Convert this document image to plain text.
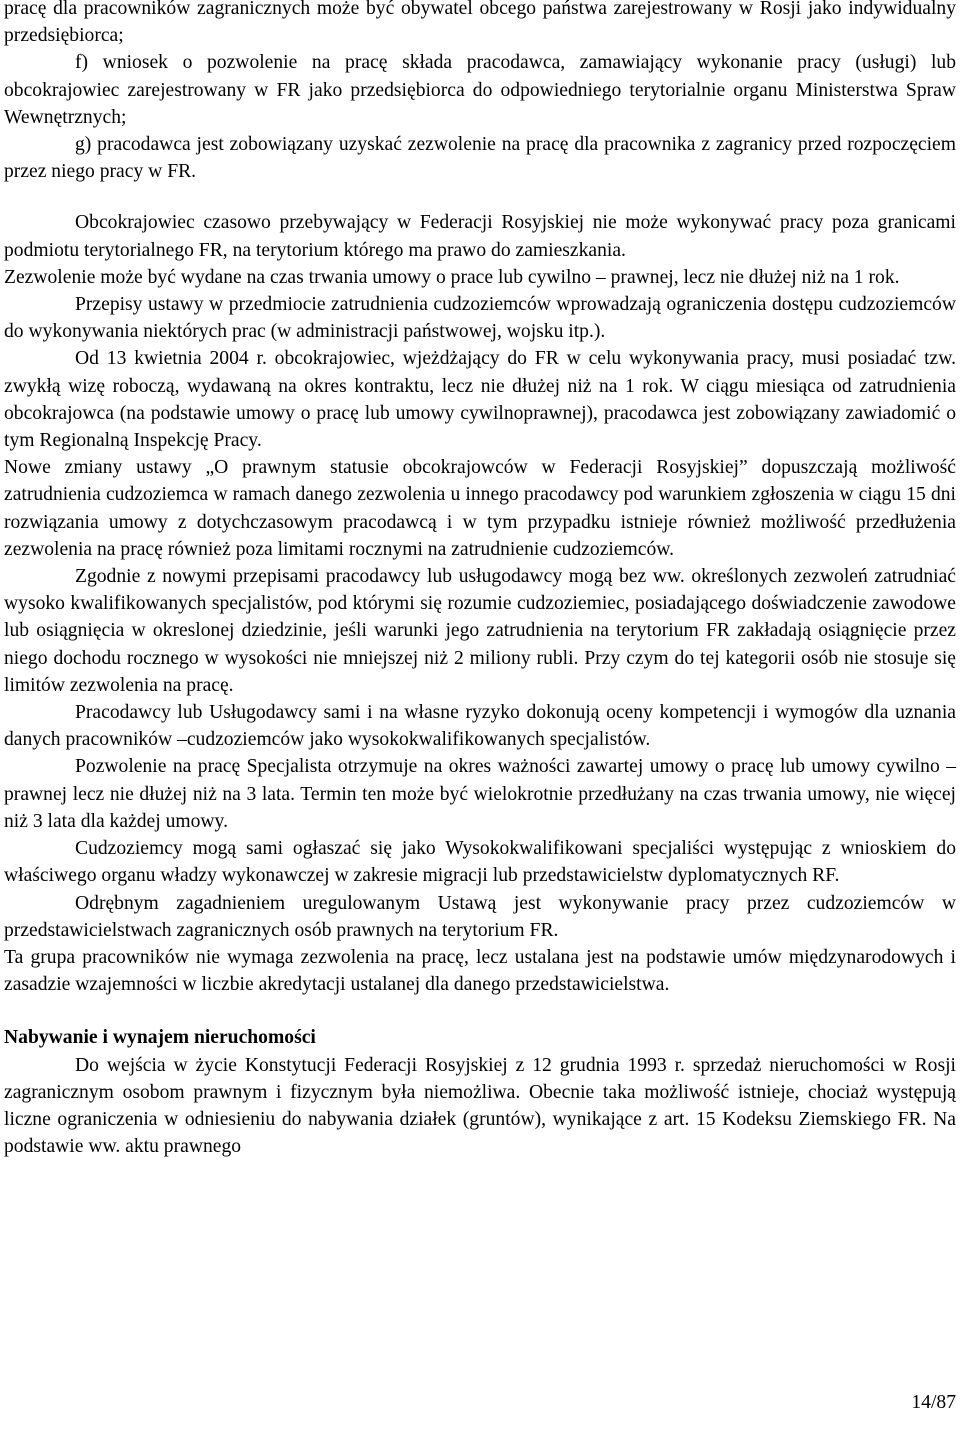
pracę dla pracowników zagranicznych może być obywatel obcego państwa zarejestrowany w Rosji jako indywidualny przedsiębiorca;

f) wniosek o pozwolenie na pracę składa pracodawca, zamawiający wykonanie pracy (usługi) lub obcokrajowiec zarejestrowany w FR jako przedsiębiorca do odpowiedniego terytorialnie organu Ministerstwa Spraw Wewnętrznych;

g) pracodawca jest zobowiązany uzyskać zezwolenie na pracę dla pracownika z zagranicy przed rozpoczęciem przez niego pracy w FR.

Obcokrajowiec czasowo przebywający w Federacji Rosyjskiej nie może wykonywać pracy poza granicami podmiotu terytorialnego FR, na terytorium którego ma prawo do zamieszkania.

Zezwolenie może być wydane na czas trwania umowy o prace lub cywilno – prawnej, lecz nie dłużej niż na 1 rok.

Przepisy ustawy w przedmiocie zatrudnienia cudzoziemców wprowadzają ograniczenia dostępu cudzoziemców do wykonywania niektórych prac (w administracji państwowej, wojsku itp.).

Od 13 kwietnia 2004 r. obcokrajowiec, wjeżdżający do FR w celu wykonywania pracy, musi posiadać tzw. zwykłą wizę roboczą, wydawaną na okres kontraktu, lecz nie dłużej niż na 1 rok. W ciągu miesiąca od zatrudnienia obcokrajowca (na podstawie umowy o pracę lub umowy cywilnoprawnej), pracodawca jest zobowiązany zawiadomić o tym Regionalną Inspekcję Pracy.

Nowe zmiany ustawy „O prawnym statusie obcokrajowców w Federacji Rosyjskiej” dopuszczają możliwość zatrudnienia cudzoziemca w ramach danego zezwolenia u innego pracodawcy pod warunkiem zgłoszenia w ciągu 15 dni rozwiązania umowy z dotychczasowym pracodawcą i w tym przypadku istnieje również możliwość przedłużenia zezwolenia na pracę również poza limitami rocznymi na zatrudnienie cudzoziemców.

Zgodnie z nowymi przepisami pracodawcy lub usługodawcy mogą bez ww. określonych zezwoleń zatrudniać wysoko kwalifikowanych specjalistów, pod którymi się rozumie cudzoziemiec, posiadającego doświadczenie zawodowe lub osiągnięcia w okreslonej dziedzinie, jeśli warunki jego zatrudnienia na terytorium FR zakładają osiągnięcie przez niego dochodu rocznego w wysokości nie mniejszej niż 2 miliony rubli. Przy czym do tej kategorii osób nie stosuje się limitów zezwolenia na pracę.

Pracodawcy lub Usługodawcy sami i na własne ryzyko dokonują oceny kompetencji i wymogów dla uznania danych pracowników –cudzoziemców jako wysokokwalifikowanych specjalistów.

Pozwolenie na pracę Specjalista otrzymuje na okres ważności zawartej umowy o pracę lub umowy cywilno – prawnej lecz nie dłużej niż na 3 lata. Termin ten może być wielokrotnie przedłużany na czas trwania umowy, nie więcej niż 3 lata dla każdej umowy.

Cudzoziemcy mogą sami ogłaszać się jako Wysokokwalifikowani specjaliści występując z wnioskiem do właściwego organu władzy wykonawczej w zakresie migracji lub przedstawicielstw dyplomatycznych RF.

Odrębnym zagadnieniem uregulowanym Ustawą jest wykonywanie pracy przez cudzoziemców w przedstawicielstwach zagranicznych osób prawnych na terytorium FR.

Ta grupa pracowników nie wymaga zezwolenia na pracę, lecz ustalana jest na podstawie umów międzynarodowych i zasadzie wzajemności w liczbie akredytacji ustalanej dla danego przedstawicielstwa.

Nabywanie i wynajem nieruchomości

Do wejścia w życie Konstytucji Federacji Rosyjskiej z 12 grudnia 1993 r. sprzedaż nieruchomości w Rosji zagranicznym osobom prawnym i fizycznym była niemożliwa. Obecnie taka możliwość istnieje, chociaż występują liczne ograniczenia w odniesieniu do nabywania działek (gruntów), wynikające z art. 15 Kodeksu Ziemskiego FR. Na podstawie ww. aktu prawnego

14/87
